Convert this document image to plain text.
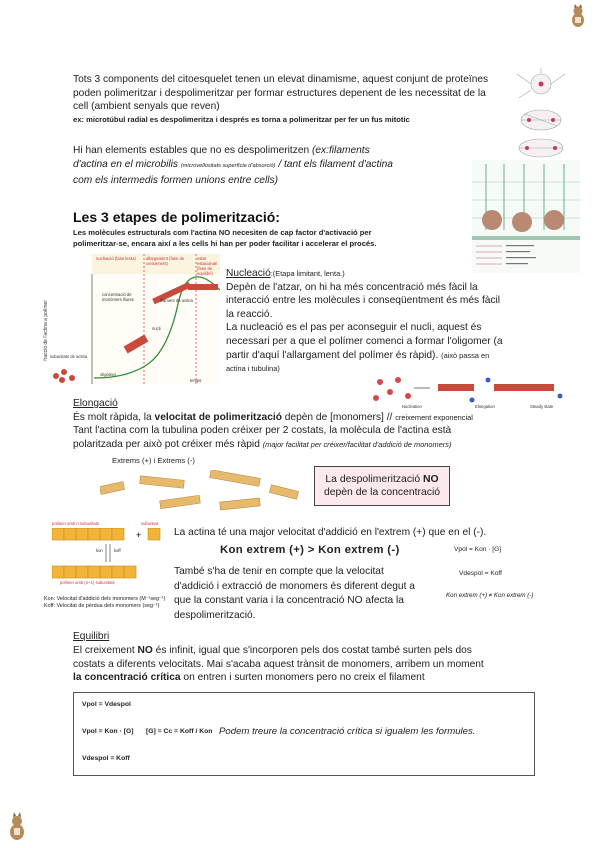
Tots 3 components del citoesquelet tenen un elevat dinamisme, aquest conjunt de proteïnes
poden polimeritzar i despolimeritzar per formar estructures depenent de les necessitat de la
cell (ambient senyals que reven)
ex: microtúbul radial es despolimeritza i després es torna a polimeritzar per fer un fus mitotic
Hi han elements estables que no es despolimeritzen (ex:filaments
d'actina en el microbilis (microvellositats superfície d'absorció) / tant els filament d'actina
com els intermedis formen unions entre cells)
Les 3 etapes de polimerització:
Les molècules estructurals com l'actina NO necesiten de cap factor d'activació per
polimeritzar-se, encara així a les cells hi han per poder facilitar i accelerar el procés.
nucleació (fase lenta)	allargament (fase de creixement)
estat estacionari (fase de equilibri)
fracció de l'actina a polímer
temps
subunitats de actina
oligòmer
concentració de monòmers lliures	filament de actina
nucli
Nucleació:(Etapa limitant, lenta.)
Depèn de l'atzar, on hi ha més concentració més fàcil la
interacció entre les molècules i conseqüentment és més fàcil
la reacció.
La nucleació es el pas per aconseguir el nucli, aquest és
necessari per a que el polímer comenci a formar l'oligomer (a
partir d'aquí l'allargament del polímer és ràpid). (això passa en
actina i tubulina)
Nucleation	Elongation	Steady state
Elongació
És molt ràpida, la velocitat de polimerització depèn de [monomers] // creixement exponencial
Tant l'actina com la tubulina poden créixer per 2 costats, la molècula de l'actina està
polaritzada per això pot créixer més ràpid (major facilitat per créixer/facilitat d'addició de monomers)
Extrems (+) i Extrems (-)
La despolimerització NO
depèn de la concentració
polímer amb n subunitats	subunitat
+
kon	koff
polímer amb (n+1) subunitats
Kon: Velocitat d'addició dels monomers (M⁻¹seg⁻¹)
Koff: Velocitat de pèrdua dels monomers (seg⁻¹)
La actina té una major velocitat d'addició en l'extrem (+) que en el (-).
Kon extrem (+) > Kon extrem (-)
També s'ha de tenir en compte que la velocitat
d'addició i extracció de monomers és diferent degut a
que la constant varia i la concentració NO afecta la
despolimerització.
Vpol = Kon · [G]
Vdespol = Koff
Kon extrem (+) ≠ Kon extrem (-)
Equilibri
El creixement NO és infinit, igual que s'incorporen pels dos costat també surten pels dos
costats a diferents velocitats. Mai s'acaba aquest trànsit de monomers, arribem un moment
la concentració crítica on entren i surten monomers pero no creix el filament
Vpol = Vdespol
Vpol = Kon · [G]
Vdespol = Koff
[G] = Cc = Koff / Kon Podem treure la concentració crítica si igualem les formules.
